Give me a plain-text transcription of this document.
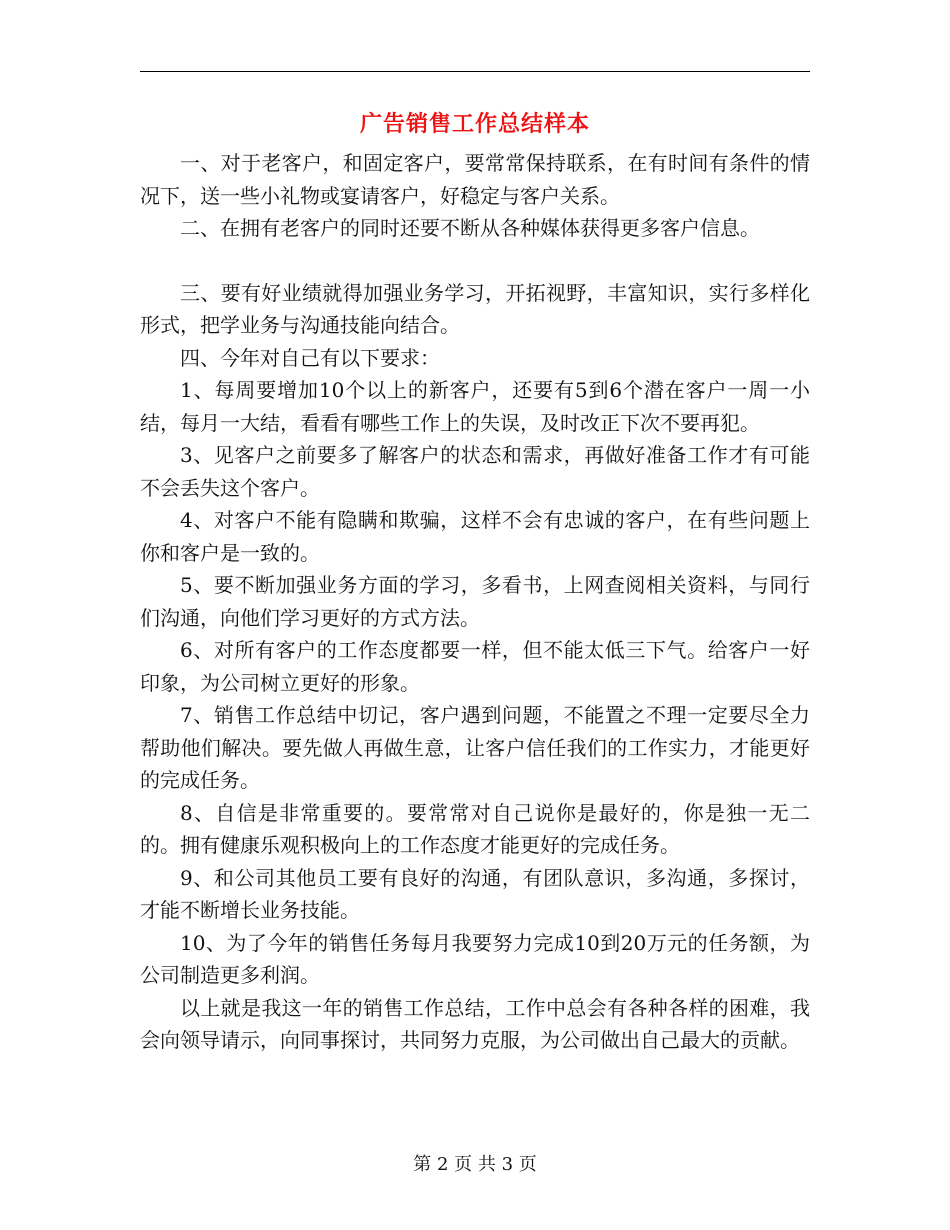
广告销售工作总结样本

一、对于老客户，和固定客户，要常常保持联系，在有时间有条件的情况下，送一些小礼物或宴请客户，好稳定与客户关系。

二、在拥有老客户的同时还要不断从各种媒体获得更多客户信息。

三、要有好业绩就得加强业务学习，开拓视野，丰富知识，实行多样化形式，把学业务与沟通技能向结合。

四、今年对自己有以下要求：

1、每周要增加10个以上的新客户，还要有5到6个潜在客户一周一小结，每月一大结，看看有哪些工作上的失误，及时改正下次不要再犯。

3、见客户之前要多了解客户的状态和需求，再做好准备工作才有可能不会丢失这个客户。

4、对客户不能有隐瞒和欺骗，这样不会有忠诚的客户，在有些问题上你和客户是一致的。

5、要不断加强业务方面的学习，多看书，上网查阅相关资料，与同行们沟通，向他们学习更好的方式方法。

6、对所有客户的工作态度都要一样，但不能太低三下气。给客户一好印象，为公司树立更好的形象。

7、销售工作总结中切记，客户遇到问题，不能置之不理一定要尽全力帮助他们解决。要先做人再做生意，让客户信任我们的工作实力，才能更好的完成任务。

8、自信是非常重要的。要常常对自己说你是最好的，你是独一无二的。拥有健康乐观积极向上的工作态度才能更好的完成任务。

9、和公司其他员工要有良好的沟通，有团队意识，多沟通，多探讨，才能不断增长业务技能。

10、为了今年的销售任务每月我要努力完成10到20万元的任务额，为公司制造更多利润。

以上就是我这一年的销售工作总结，工作中总会有各种各样的困难，我会向领导请示，向同事探讨，共同努力克服，为公司做出自己最大的贡献。

第 2 页 共 3 页
